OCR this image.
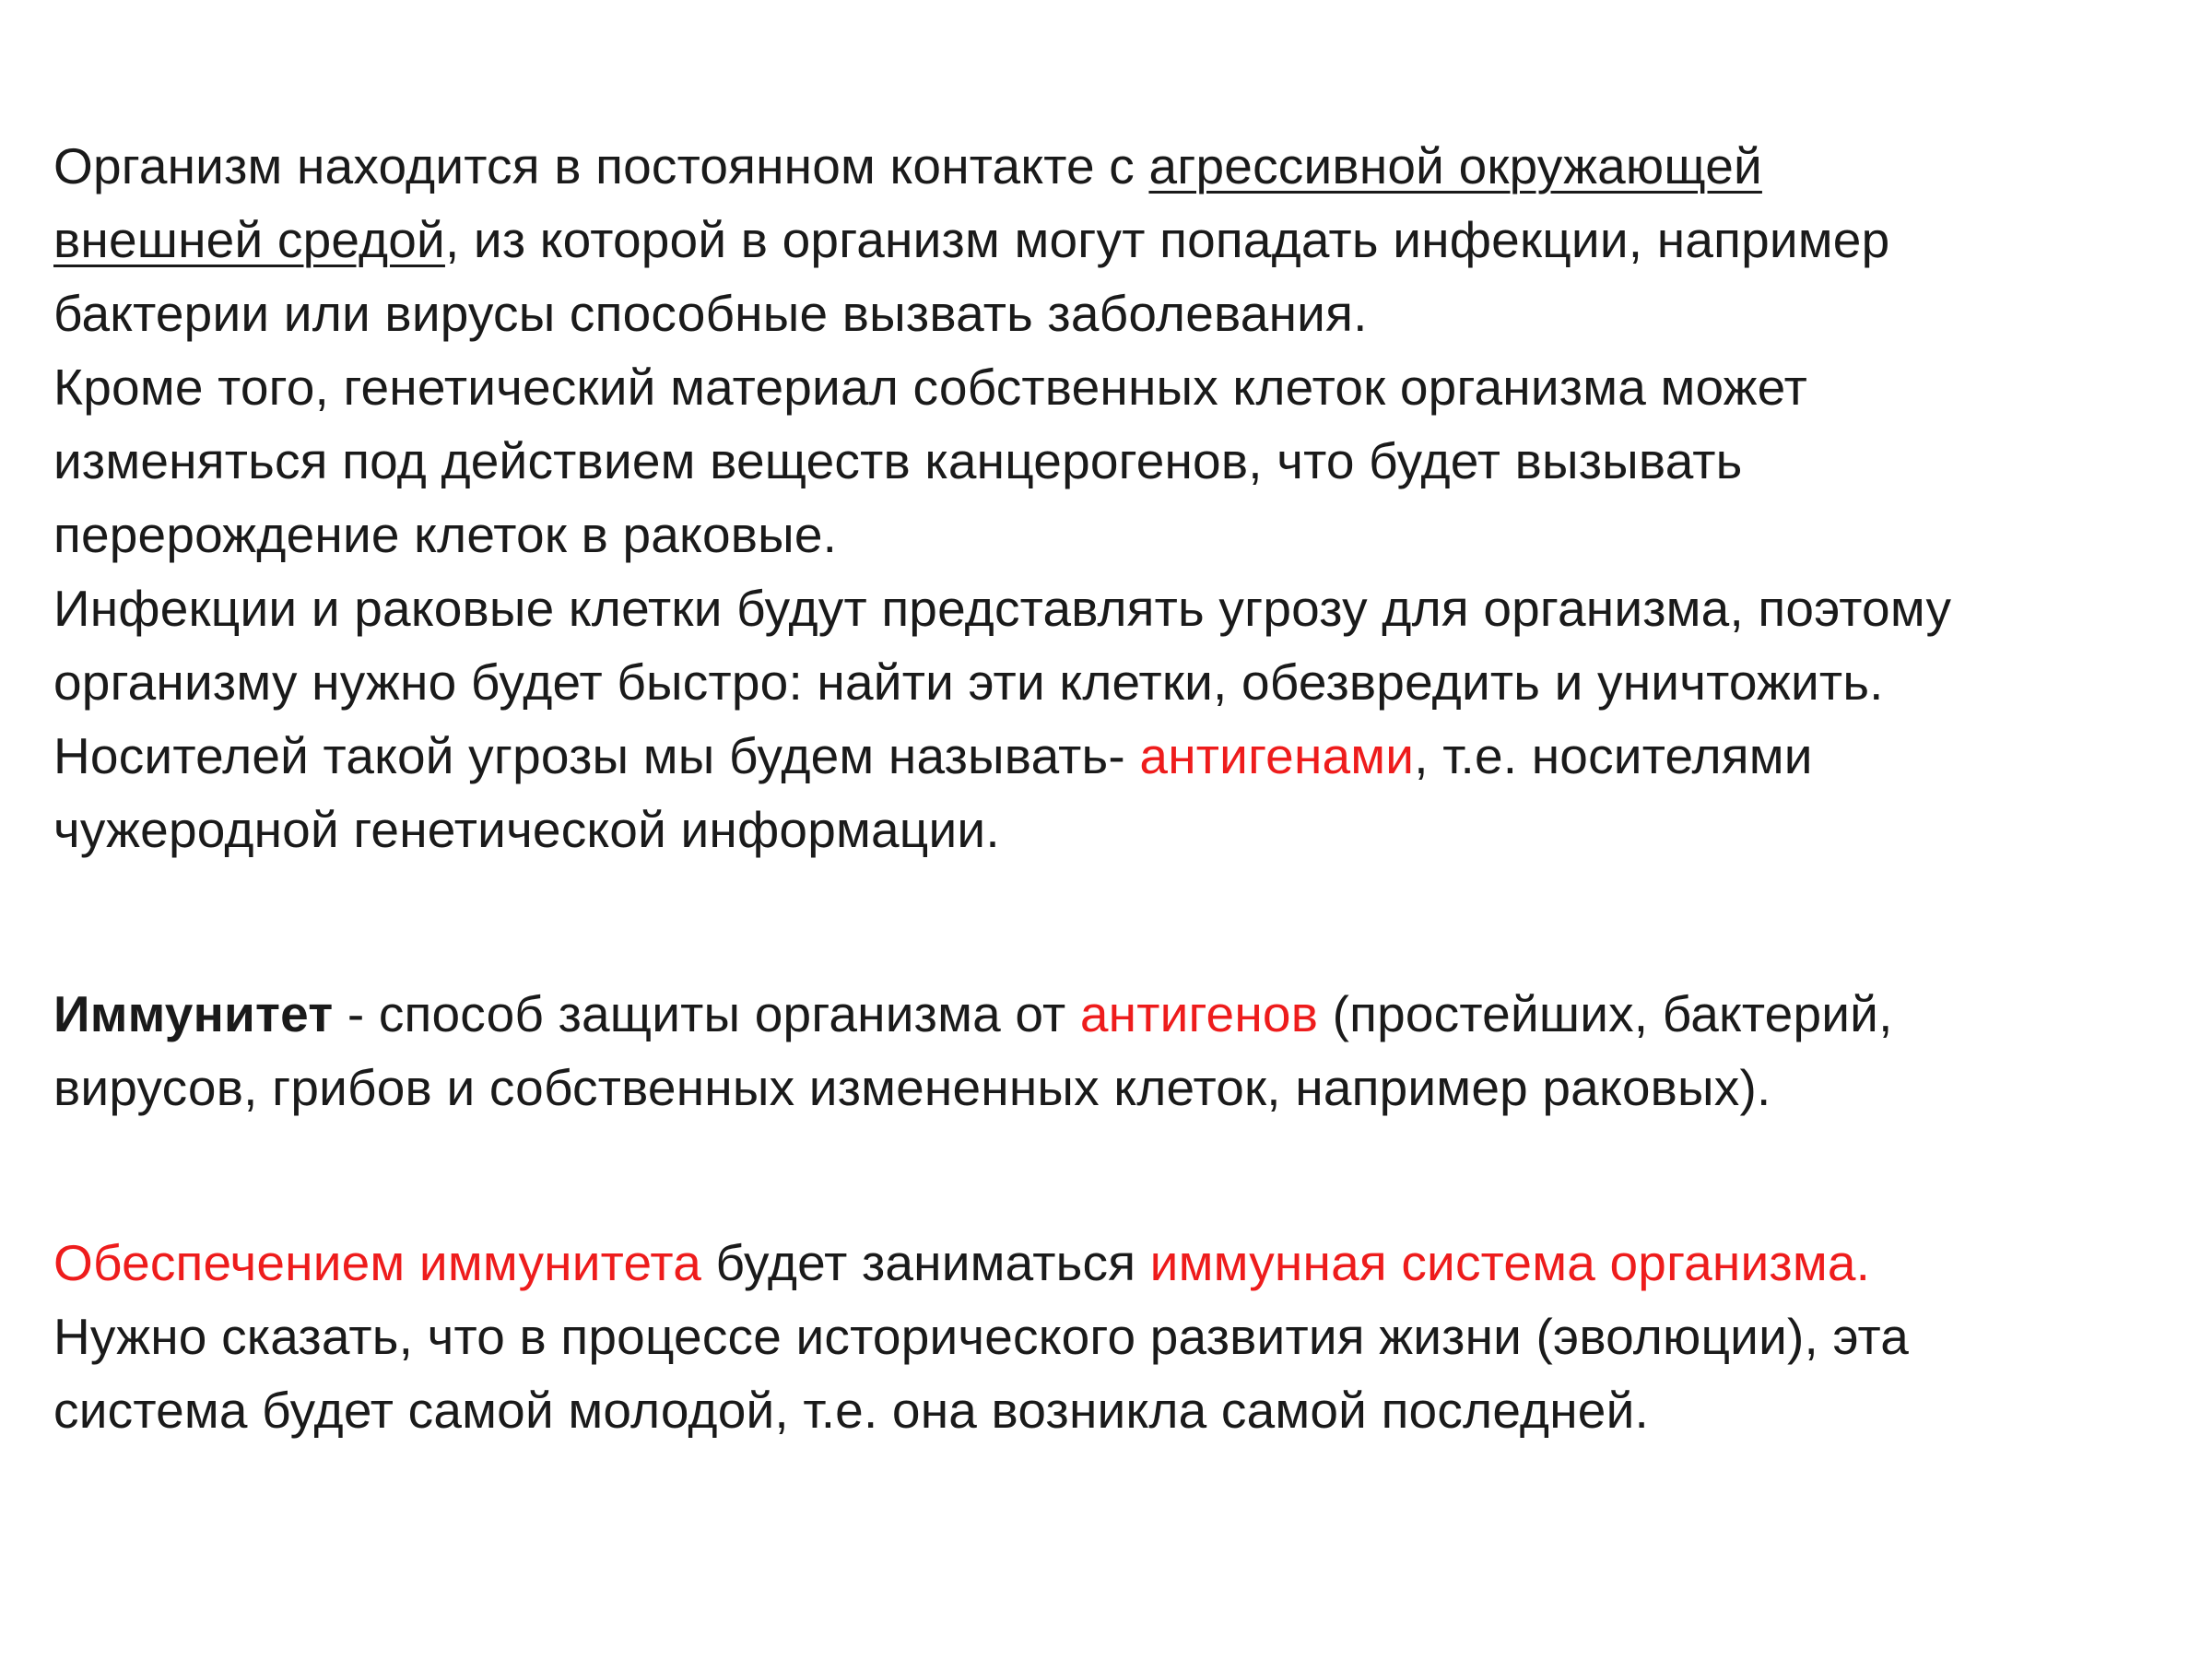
Организм находится в постоянном контакте с агрессивной окружающей
внешней средой, из которой в организм могут попадать инфекции, например
бактерии или вирусы способные вызвать заболевания.
Кроме того, генетический материал собственных клеток организма может
изменяться под действием веществ канцерогенов, что будет вызывать
перерождение клеток в раковые.
Инфекции и раковые клетки будут представлять угрозу для организма, поэтому
организму нужно будет быстро: найти эти клетки, обезвредить и уничтожить.
Носителей такой угрозы мы будем называть- антигенами, т.е. носителями
чужеродной генетической информации.
Иммунитет - способ защиты организма от антигенов (простейших, бактерий,
вирусов, грибов и собственных измененных клеток, например раковых).
Обеспечением иммунитета будет заниматься иммунная система организма.
Нужно сказать, что в процессе исторического развития жизни (эволюции), эта
система будет самой молодой, т.е. она возникла самой последней.
